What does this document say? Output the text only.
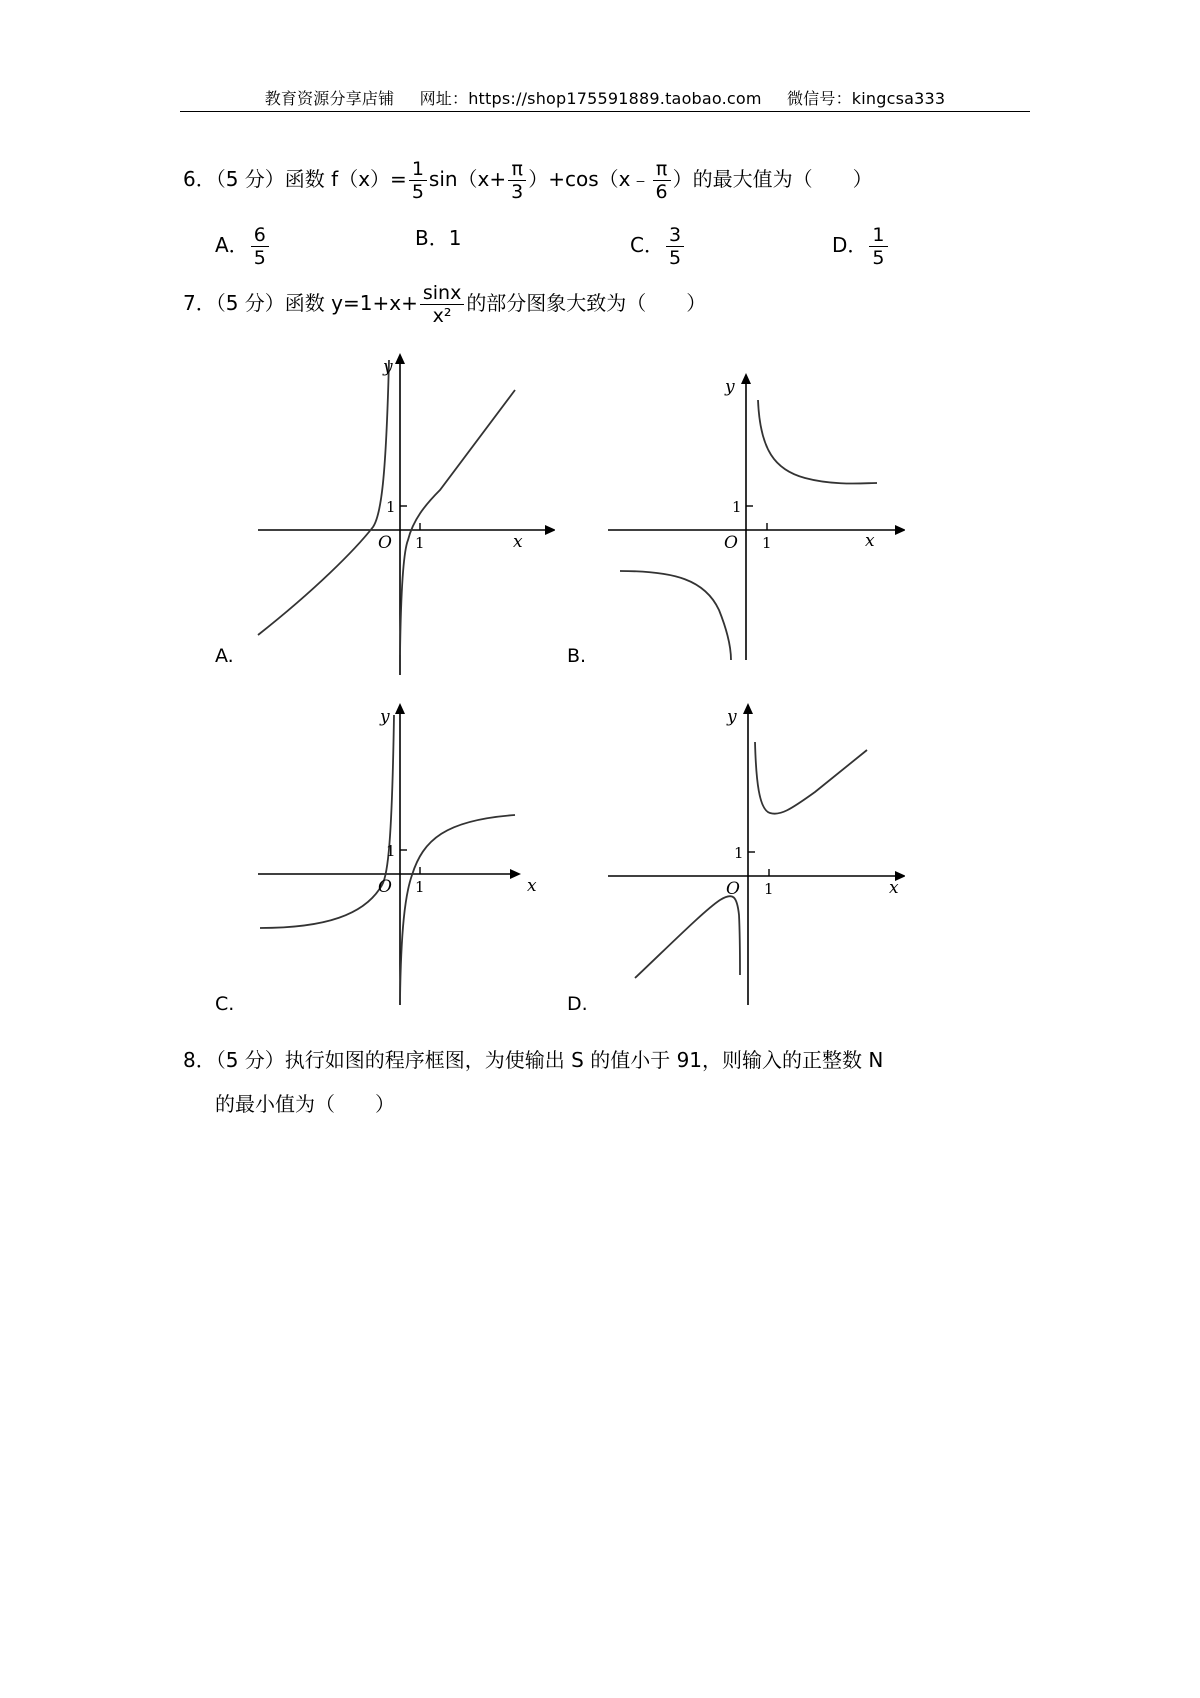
教育资源分享店铺 网址：https://shop175591889.taobao.com 微信号：kingcsa333
6．（5 分）函数 $f(x)= \frac{1}{5} \sin(x+ \frac{\pi}{3}$ ）+cos（x﹣ $\frac{\pi}{6}$ ）的最大值为（　　）
A． $\frac{6}{5}$	B．1	C． $\frac{3}{5}$	D． $\frac{1}{5}$
7．（5 分）函数 $y=1+x+ \frac{\sin x}{\text{x²}}$ 的部分图象大致为（　　）
y
x
O 1
1
A.
y
x
O 1
1
B.
y
x
O 1
1
C.
y
x
O 1
1
D.
8．（5 分）执行如图的程序框图，为使输出 S 的值小于 91，则输入的正整数 N
的最小值为（　　）
